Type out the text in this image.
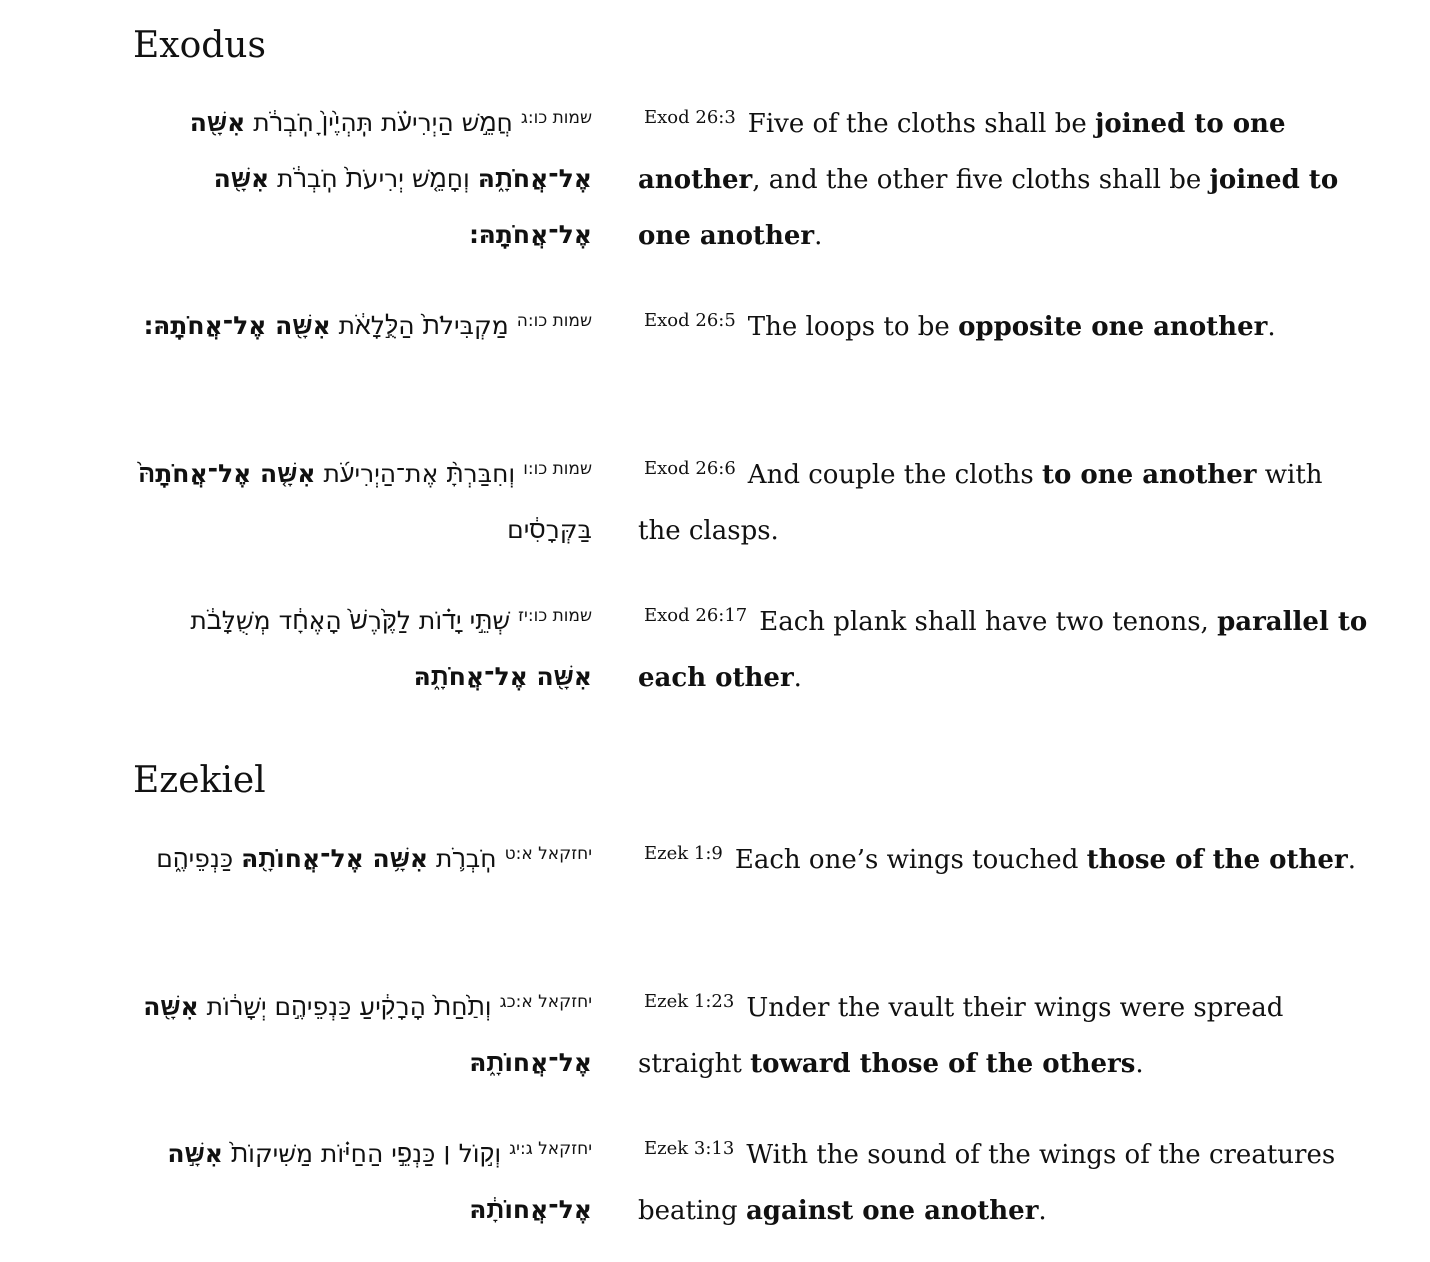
Exodus
$^{שמות כו:ג}$חֲמֵ֣שׁ הַיְרִיעֹ֗ת תִּֽהְיֶ֙יןָ֙ חֹֽבְרֹ֔ת אִשָּׁ֖ה אֶל־אֲחֹתָ֑הּ וְחָמֵ֤שׁ יְרִיעֹת֙ חֹֽבְרֹ֔ת אִשָּׁ֖ה אֶל־אֲחֹתָֽהּ׃
$^{Exod 26:3}$ Five of the cloths shall be joined to one another, and the other five cloths shall be joined to one another.
$^{שמות כו:ה}$מַקְבִּילֹת֙ הַלֻּ֣לָאֹ֔ת אִשָּׁ֖ה אֶל־אֲחֹתָֽהּ׃	$^{Exod 26:5}$ The loops to be opposite one another.
$^{שמות כו:ו}$וְחִבַּרְתָּ֨ אֶת־הַיְרִיעֹ֜ת אִשָּׁ֤ה אֶל־אֲחֹתָהּ֙ בַּקְּרָסִ֔ים
$^{Exod 26:6}$ And couple the cloths to one another with the clasps.
$^{שמות כו:יז}$שְׁתֵּ֣י יָד֗וֹת לַקֶּ֙רֶשׁ֙ הָאֶחָ֔ד מְשֻׁלָּבֹ֔ת אִשָּׁ֖ה אֶל־אֲחֹתָ֑הּ
$^{Exod 26:17}$ Each plank shall have two tenons, parallel to each other.
Ezekiel
$^{יחזקאל א:ט}$חֹֽבְרֹ֛ת אִשָּׁ֥ה אֶל־אֲחוֹתָ֖הּ כַּנְפֵיהֶ֑ם	$^{Ezek 1:9}$ Each one’s wings touched those of the other.
$^{יחזקאל א:כג}$וְתַ֙חַת֙ הָרָקִ֔יעַ כַּנְפֵיהֶ֣ם יְשָׁר֔וֹת אִשָּׁ֖ה אֶל־אֲחוֹתָ֑הּ
$^{Ezek 1:23}$ Under the vault their wings were spread straight toward those of the others.
$^{יחזקאל ג:יג}$וְק֣וֹל ׀ כַּנְפֵ֣י הַחַיּ֗וֹת מַשִּׁיקוֹת֙ אִשָּׁ֣ה אֶל־אֲחוֹתָ֔הּ
$^{Ezek 3:13}$ With the sound of the wings of the creatures beating against one another.
